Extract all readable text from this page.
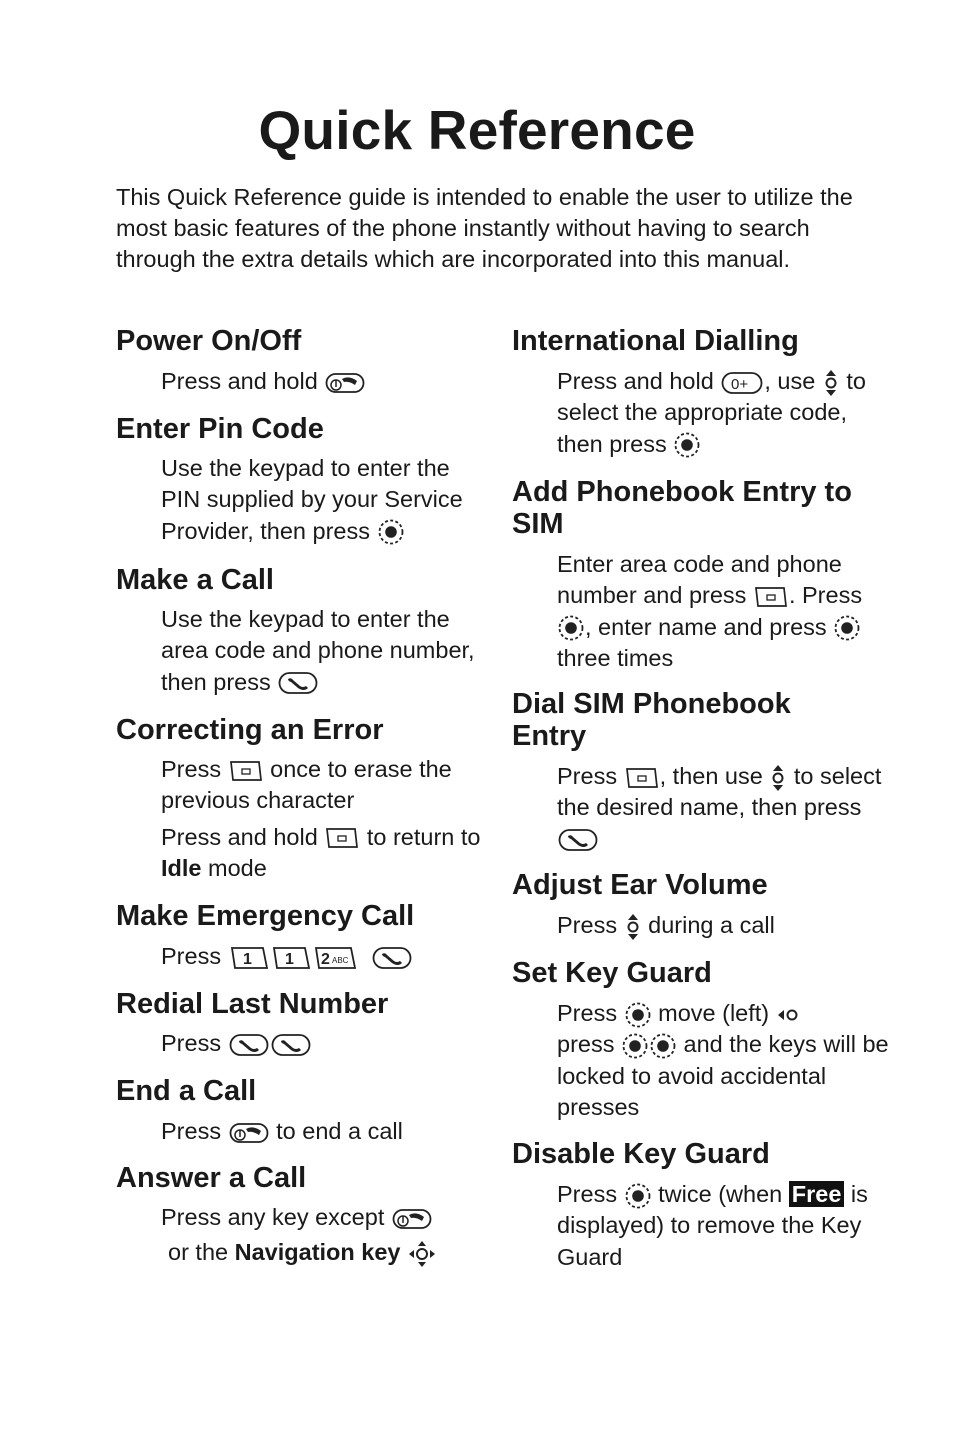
Quick Reference

This Quick Reference guide is intended to enable the user to utilize the most basic features of the phone instantly without having to search through the extra details which are incorporated into this manual.

Power On/Off

Press and hold

Enter Pin Code

Use the keypad to enter the PIN supplied by your Service Provider, then press

Make a Call

Use the keypad to enter the area code and phone number, then press

Correcting an Error

Press once to erase the previous character

Press and hold to return to Idle mode

Make Emergency Call

Press 1 1 2 ABC

Redial Last Number

Press

End a Call

Press to end a call

Answer a Call

Press any key except

or the Navigation key

International Dialling

Press and hold 0+ , use to select the appropriate code, then press

Add Phonebook Entry to SIM

Enter area code and phone number and press . Press
, enter name and press
three times

Dial SIM Phonebook Entry

Press , then use to select the desired name, then press

Adjust Ear Volume

Press during a call

Set Key Guard

Press move (left)

press	and the keys will be locked to avoid accidental presses

Disable Key Guard

Press twice (when Free is displayed) to remove the Key Guard
